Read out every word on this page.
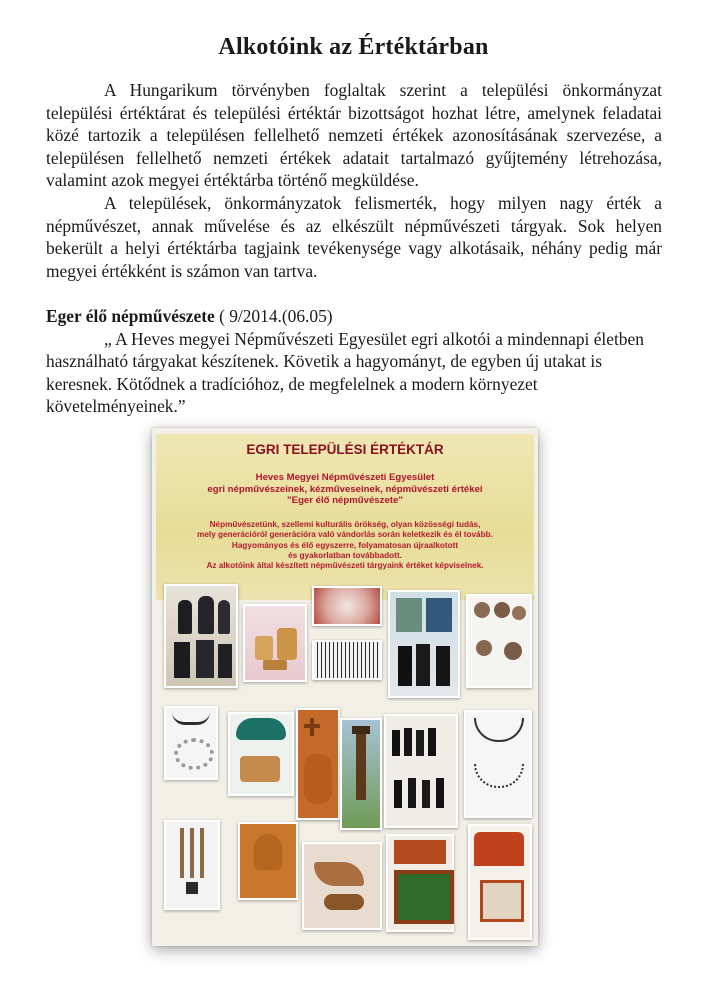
Alkotóink az Értéktárban

A Hungarikum törvényben foglaltak szerint a települési önkormányzat települési értéktárat és települési értéktár bizottságot hozhat létre, amelynek feladatai közé tartozik a településen fellelhető nemzeti értékek azonosításának szervezése, a településen fellelhető nemzeti értékek adatait tartalmazó gyűjtemény létrehozása, valamint azok megyei értéktárba történő megküldése.

A települések, önkormányzatok felismerték, hogy milyen nagy érték a népművészet, annak művelése és az elkészült népművészeti tárgyak. Sok helyen bekerült a helyi értéktárba tagjaink tevékenysége vagy alkotásaik, néhány pedig már megyei értékként is számon van tartva.

Eger élő népművészete ( 9/2014.(06.05)

„ A Heves megyei Népművészeti Egyesület egri alkotói a mindennapi életben használható tárgyakat készítenek. Követik a hagyományt, de egyben új utakat is keresnek. Kötődnek a tradícióhoz, de megfelelnek a modern környezet követelményeinek.”

EGRI TELEPÜLÉSI ÉRTÉKTÁR
Heves Megyei Népművészeti Egyesület
egri népművészeinek, kézműveseinek, népművészeti értékei
”Eger élő népművészete”
Népművészetünk, szellemi kulturális örökség, olyan közösségi tudás,
mely generációról generációra való vándorlás során keletkezik és él tovább.
Hagyományos és élő egyszerre, folyamatosan újraalkotott
és gyakorlatban továbbadott.
Az alkotóink által készített népművészeti tárgyaink értéket képviselnek.
